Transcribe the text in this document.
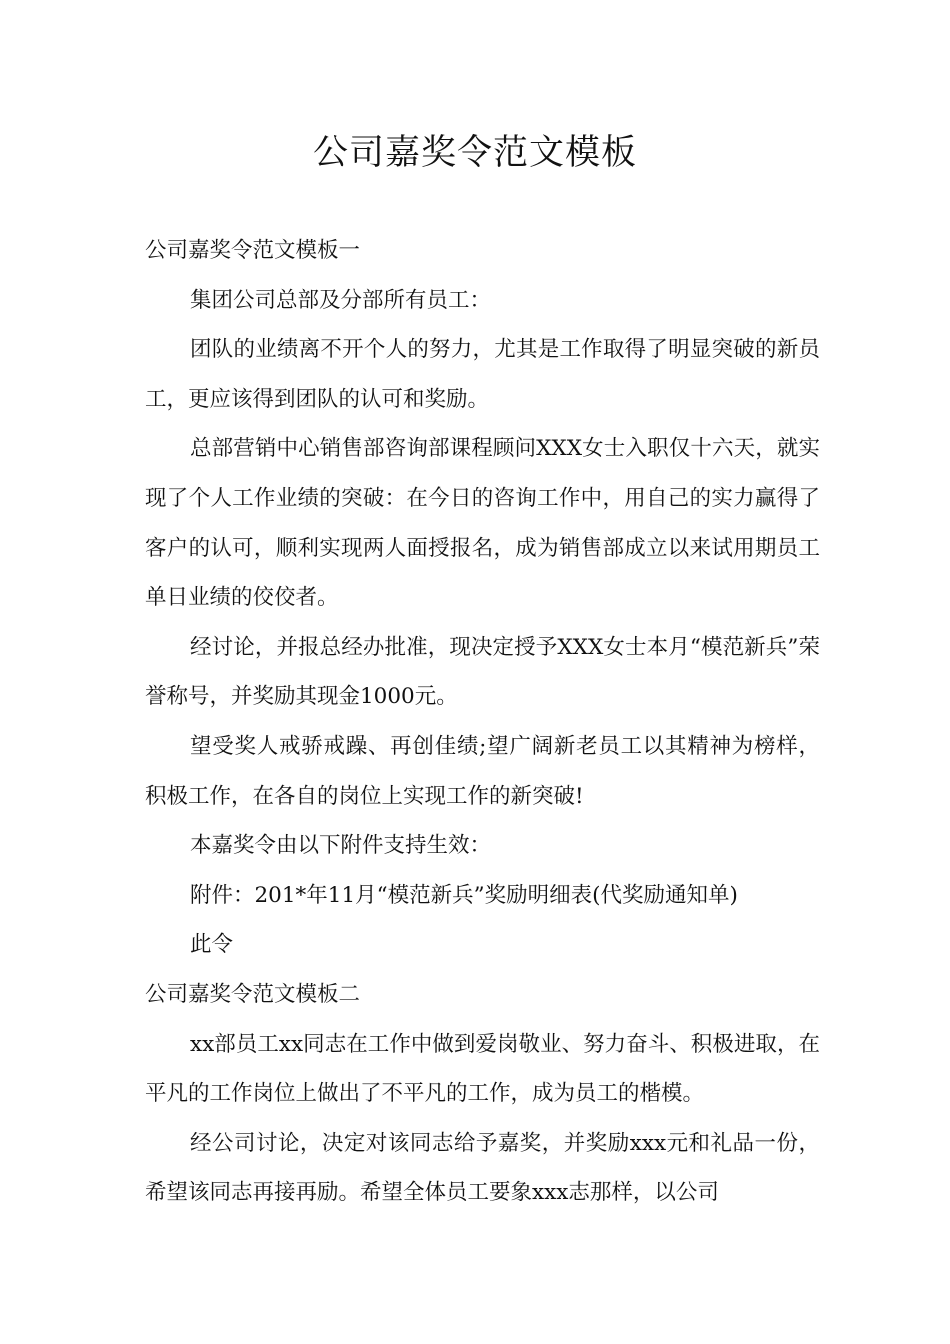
公司嘉奖令范文模板

公司嘉奖令范文模板一

集团公司总部及分部所有员工：

团队的业绩离不开个人的努力，尤其是工作取得了明显突破的新员工，更应该得到团队的认可和奖励。

总部营销中心销售部咨询部课程顾问XXX女士入职仅十六天，就实现了个人工作业绩的突破：在今日的咨询工作中，用自己的实力赢得了客户的认可，顺利实现两人面授报名，成为销售部成立以来试用期员工单日业绩的佼佼者。

经讨论，并报总经办批准，现决定授予XXX女士本月“模范新兵”荣誉称号，并奖励其现金1000元。

望受奖人戒骄戒躁、再创佳绩;望广阔新老员工以其精神为榜样，积极工作，在各自的岗位上实现工作的新突破!

本嘉奖令由以下附件支持生效：

附件：201*年11月“模范新兵”奖励明细表(代奖励通知单)

此令

公司嘉奖令范文模板二

xx部员工xx同志在工作中做到爱岗敬业、努力奋斗、积极进取，在平凡的工作岗位上做出了不平凡的工作，成为员工的楷模。

经公司讨论，决定对该同志给予嘉奖，并奖励xxx元和礼品一份，希望该同志再接再励。希望全体员工要象xxx志那样，以公司
